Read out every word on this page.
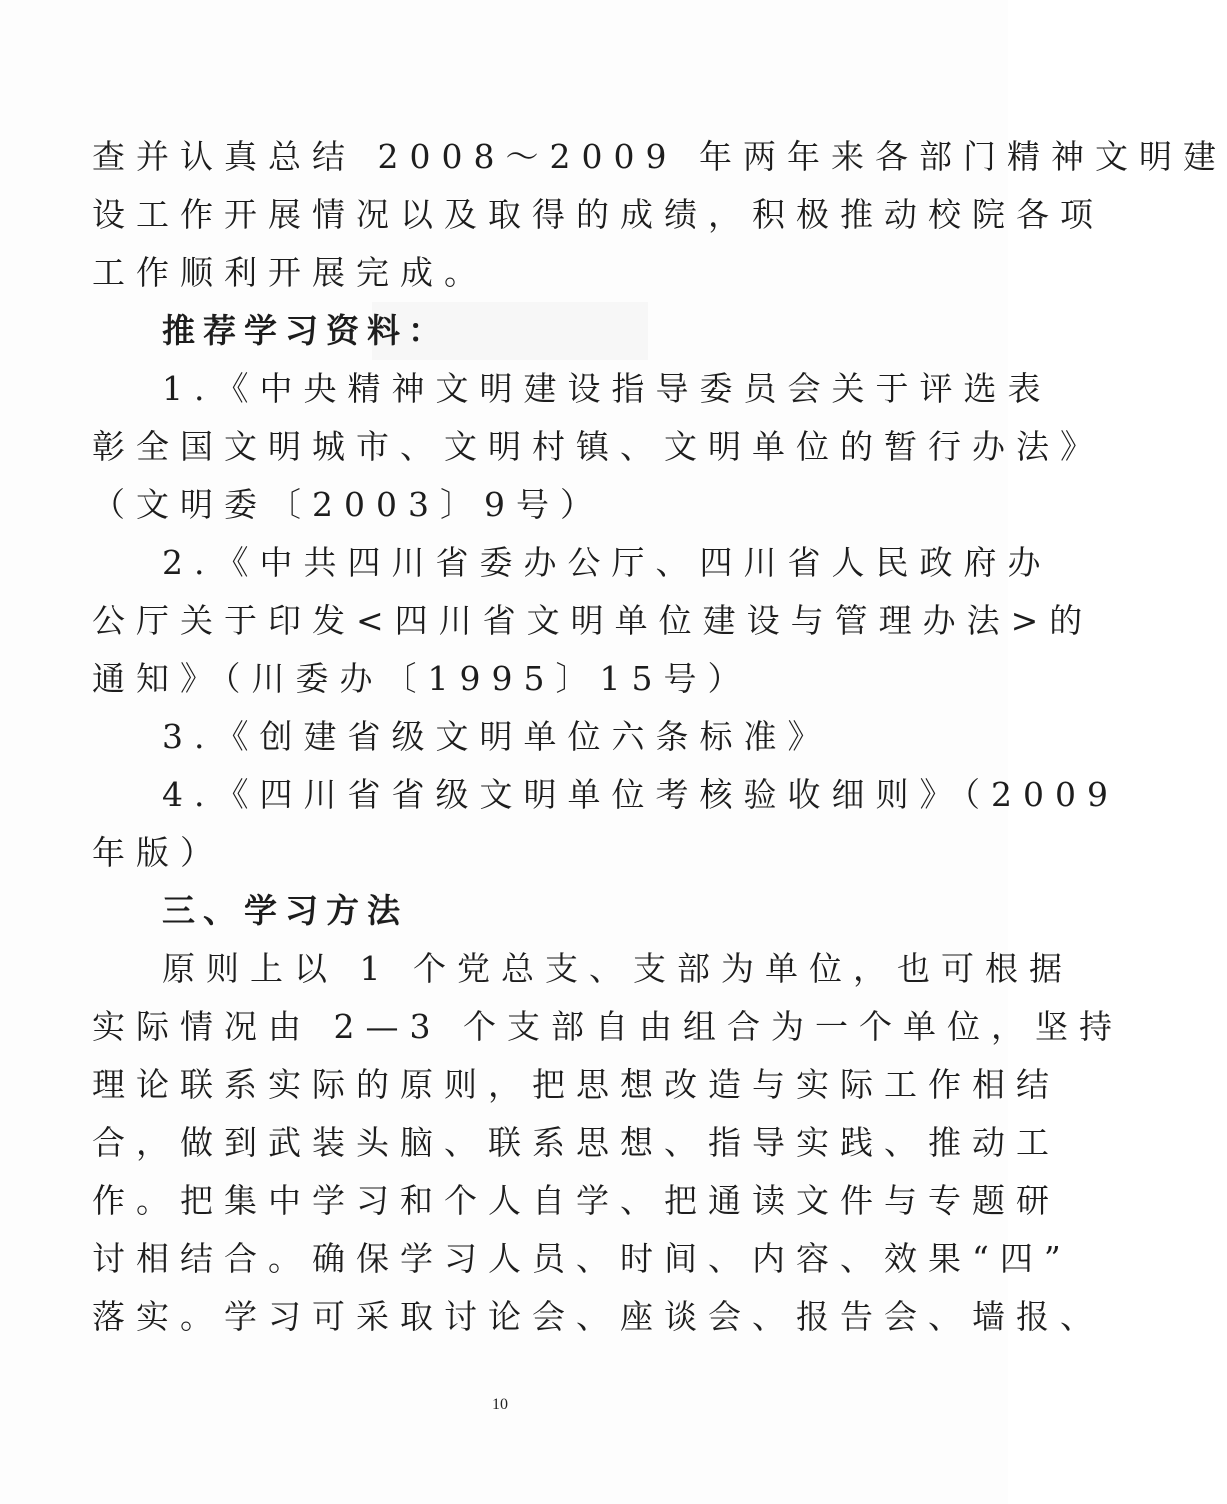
查并认真总结 2008～2009 年两年来各部门精神文明建
设工作开展情况以及取得的成绩，积极推动校院各项
工作顺利开展完成。
推荐学习资料：
1.《中央精神文明建设指导委员会关于评选表
彰全国文明城市、文明村镇、文明单位的暂行办法》
（文明委〔2003〕9号）
2.《中共四川省委办公厅、四川省人民政府办
公厅关于印发<四川省文明单位建设与管理办法>的
通知》（川委办〔1995〕15号）
3.《创建省级文明单位六条标准》
4.《四川省省级文明单位考核验收细则》（2009
年版）
三、学习方法
原则上以 1 个党总支、支部为单位，也可根据
实际情况由 2—3 个支部自由组合为一个单位，坚持
理论联系实际的原则，把思想改造与实际工作相结
合，做到武装头脑、联系思想、指导实践、推动工
作。把集中学习和个人自学、把通读文件与专题研
讨相结合。确保学习人员、时间、内容、效果“四”
落实。学习可采取讨论会、座谈会、报告会、墙报、
10
